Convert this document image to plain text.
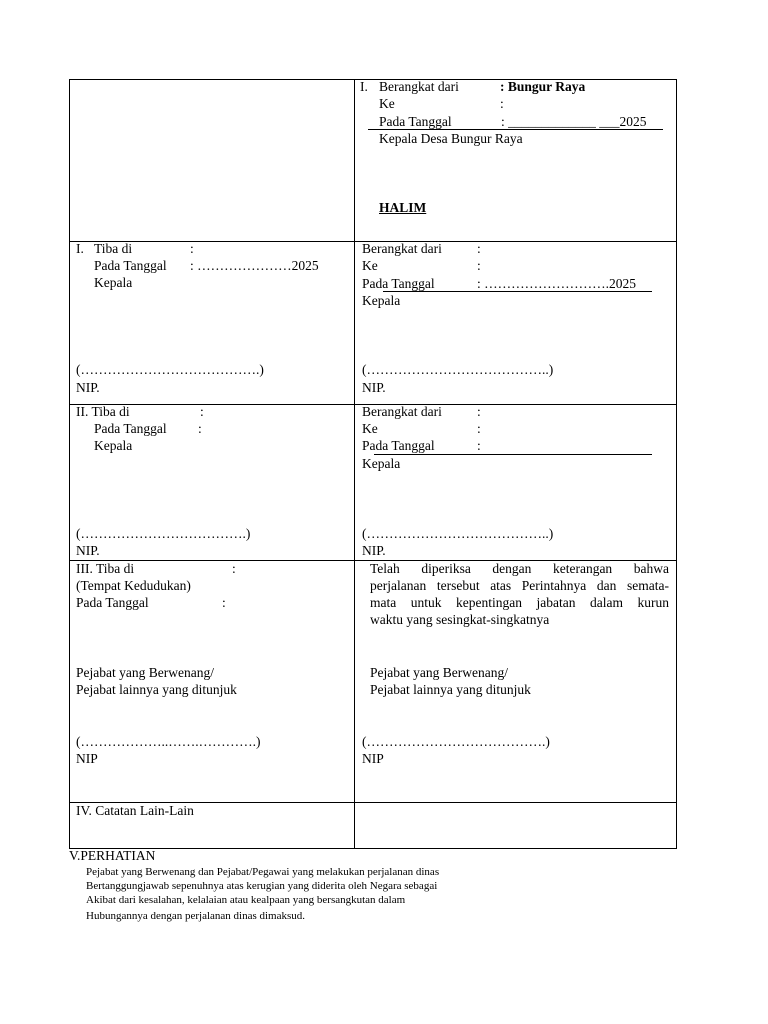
I. Berangkat dari	: Bungur Raya
Ke	:
Pada Tanggal	: _____________ ___2025
Kepala Desa Bungur Raya
HALIM
I. Tiba di	:
Pada Tanggal : …………………2025
Kepala
(………………………………….)
NIP.
Berangkat dari	:
Ke	:
Pada Tanggal	: ……………………….2025
Kepala
(…………………………………..)
NIP.
II. Tiba di	:
Pada Tanggal :
Kepala
(……………………………….)
NIP.
Berangkat dari	:
Ke	:
Pada Tanggal	:
Kepala
(…………………………………..)
NIP.
III. Tiba di	:
(Tempat Kedudukan)
Pada Tanggal	:
Pejabat yang Berwenang/
Pejabat lainnya yang ditunjuk
(………………..…….………….)
NIP
Telah diperiksa dengan keterangan bahwa
perjalanan tersebut atas Perintahnya dan semata-
mata untuk kepentingan jabatan dalam kurun
waktu yang sesingkat-singkatnya
Pejabat yang Berwenang/
Pejabat lainnya yang ditunjuk
(………………………………….)
NIP
IV. Catatan Lain-Lain
V.PERHATIAN
Pejabat yang Berwenang dan Pejabat/Pegawai yang melakukan perjalanan dinas
Bertanggungjawab sepenuhnya atas kerugian yang diderita oleh Negara sebagai
Akibat dari kesalahan, kelalaian atau kealpaan yang bersangkutan dalam
Hubungannya dengan perjalanan dinas dimaksud.
